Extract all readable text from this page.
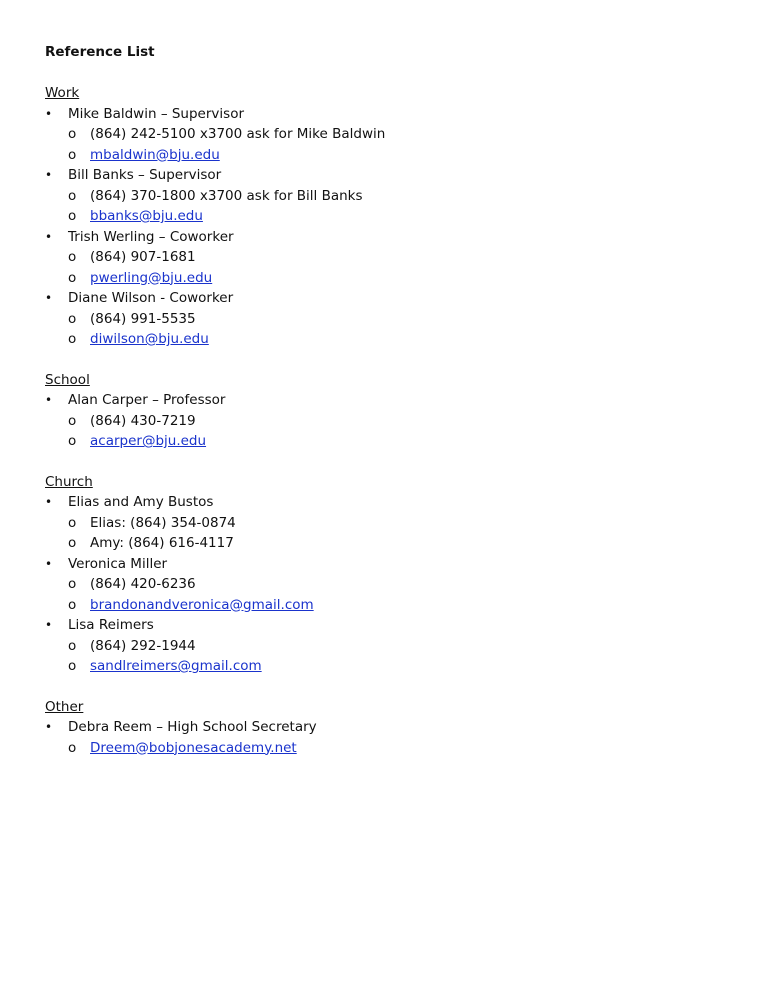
Reference List
Work
•	Mike Baldwin – Supervisor
o	(864) 242-5100 x3700 ask for Mike Baldwin
o	mbaldwin@bju.edu
•	Bill Banks – Supervisor
o	(864) 370-1800 x3700 ask for Bill Banks
o	bbanks@bju.edu
•	Trish Werling – Coworker
o	(864) 907-1681
o	pwerling@bju.edu
•	Diane Wilson - Coworker
o	(864) 991-5535
o	diwilson@bju.edu
School
•	Alan Carper – Professor
o	(864) 430-7219
o	acarper@bju.edu
Church
•	Elias and Amy Bustos
o	Elias: (864) 354-0874
o	Amy: (864) 616-4117
•	Veronica Miller
o	(864) 420-6236
o	brandonandveronica@gmail.com
•	Lisa Reimers
o	(864) 292-1944
o	sandlreimers@gmail.com
Other
•	Debra Reem – High School Secretary
o	Dreem@bobjonesacademy.net
